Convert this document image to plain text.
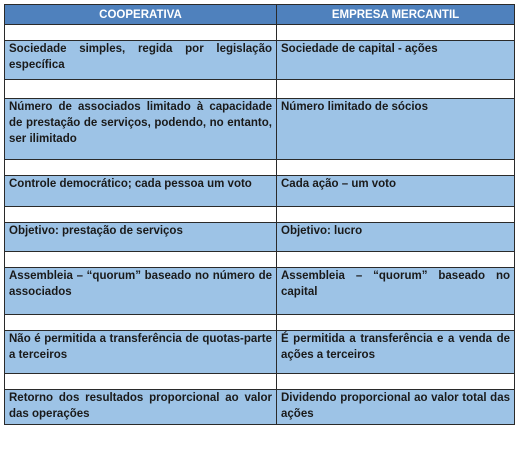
COOPERATIVA	EMPRESA MERCANTIL

Sociedade simples, regida por legislação específica	Sociedade de capital - ações

Número de associados limitado à capacidade de prestação de serviços, podendo, no entanto, ser ilimitado	Número limitado de sócios

Controle democrático; cada pessoa um voto	Cada ação – um voto

Objetivo: prestação de serviços	Objetivo: lucro

Assembleia – “quorum” baseado no número de associados	Assembleia – “quorum” baseado no capital

Não é permitida a transferência de quotas-parte a terceiros	É permitida a transferência e a venda de ações a terceiros

Retorno dos resultados proporcional ao valor das operações	Dividendo proporcional ao valor total das ações
